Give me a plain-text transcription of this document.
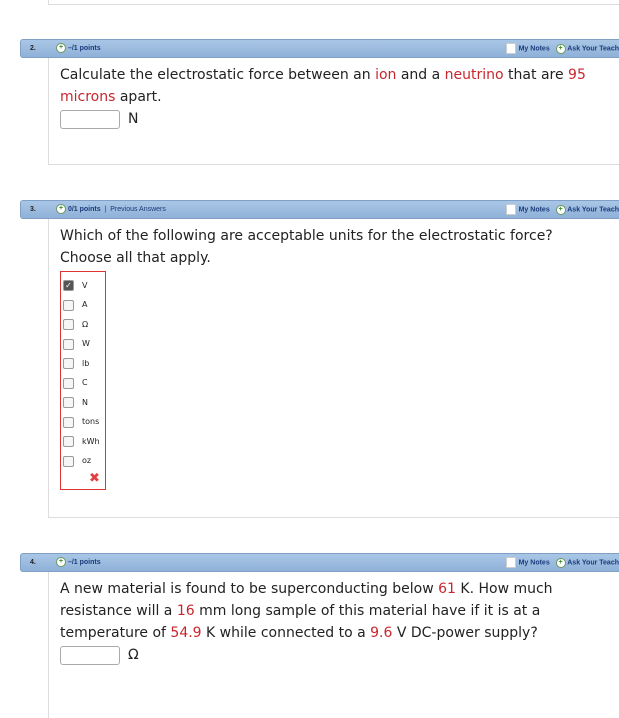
2.	+ –/1 points	My Notes + Ask Your Teach
Calculate the electrostatic force between an ion and a neutrino that are 95
microns apart.
N
3.	+ 0/1 points | Previous Answers	My Notes + Ask Your Teach
Which of the following are acceptable units for the electrostatic force?
Choose all that apply.
✓ V
A
Ω
W
lb
C
N
tons
kWh
oz
✖
4.	+ –/1 points	My Notes + Ask Your Teach
A new material is found to be superconducting below 61 K. How much resistance will a 16 mm long sample of this material have if it is at a temperature of 54.9 K while connected to a 9.6 V DC-power supply?
Ω
